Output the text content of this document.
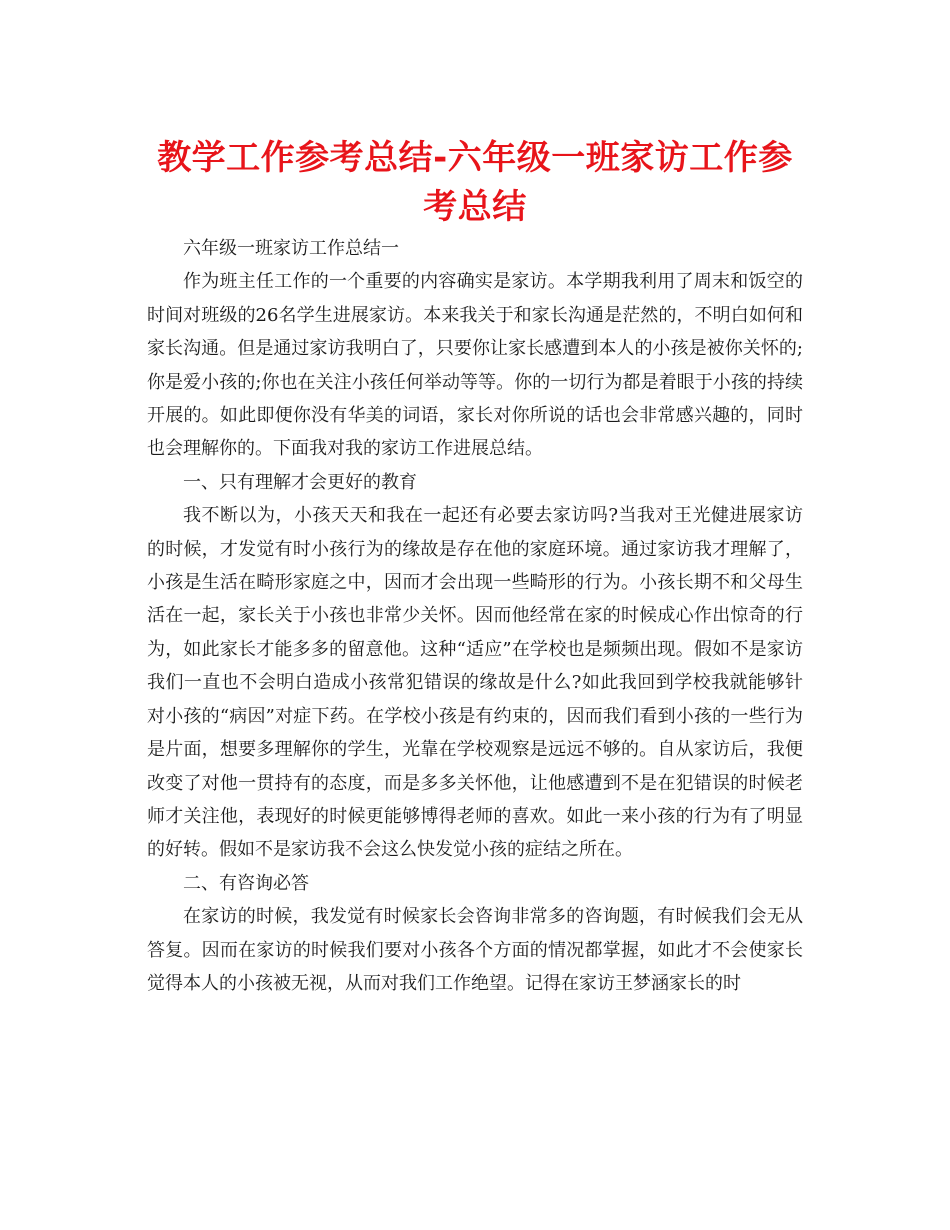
教学工作参考总结-六年级一班家访工作参考总结

六年级一班家访工作总结一

作为班主任工作的一个重要的内容确实是家访。本学期我利用了周末和饭空的时间对班级的26名学生进展家访。本来我关于和家长沟通是茫然的，不明白如何和家长沟通。但是通过家访我明白了，只要你让家长感遭到本人的小孩是被你关怀的;你是爱小孩的;你也在关注小孩任何举动等等。你的一切行为都是着眼于小孩的持续开展的。如此即便你没有华美的词语，家长对你所说的话也会非常感兴趣的，同时也会理解你的。下面我对我的家访工作进展总结。

一、只有理解才会更好的教育

我不断以为，小孩天天和我在一起还有必要去家访吗?当我对王光健进展家访的时候，才发觉有时小孩行为的缘故是存在他的家庭环境。通过家访我才理解了，小孩是生活在畸形家庭之中，因而才会出现一些畸形的行为。小孩长期不和父母生活在一起，家长关于小孩也非常少关怀。因而他经常在家的时候成心作出惊奇的行为，如此家长才能多多的留意他。这种“适应”在学校也是频频出现。假如不是家访我们一直也不会明白造成小孩常犯错误的缘故是什么?如此我回到学校我就能够针对小孩的“病因”对症下药。在学校小孩是有约束的，因而我们看到小孩的一些行为是片面，想要多理解你的学生，光靠在学校观察是远远不够的。自从家访后，我便改变了对他一贯持有的态度，而是多多关怀他，让他感遭到不是在犯错误的时候老师才关注他，表现好的时候更能够博得老师的喜欢。如此一来小孩的行为有了明显的好转。假如不是家访我不会这么快发觉小孩的症结之所在。

二、有咨询必答

在家访的时候，我发觉有时候家长会咨询非常多的咨询题，有时候我们会无从答复。因而在家访的时候我们要对小孩各个方面的情况都掌握，如此才不会使家长觉得本人的小孩被无视，从而对我们工作绝望。记得在家访王梦涵家长的时
